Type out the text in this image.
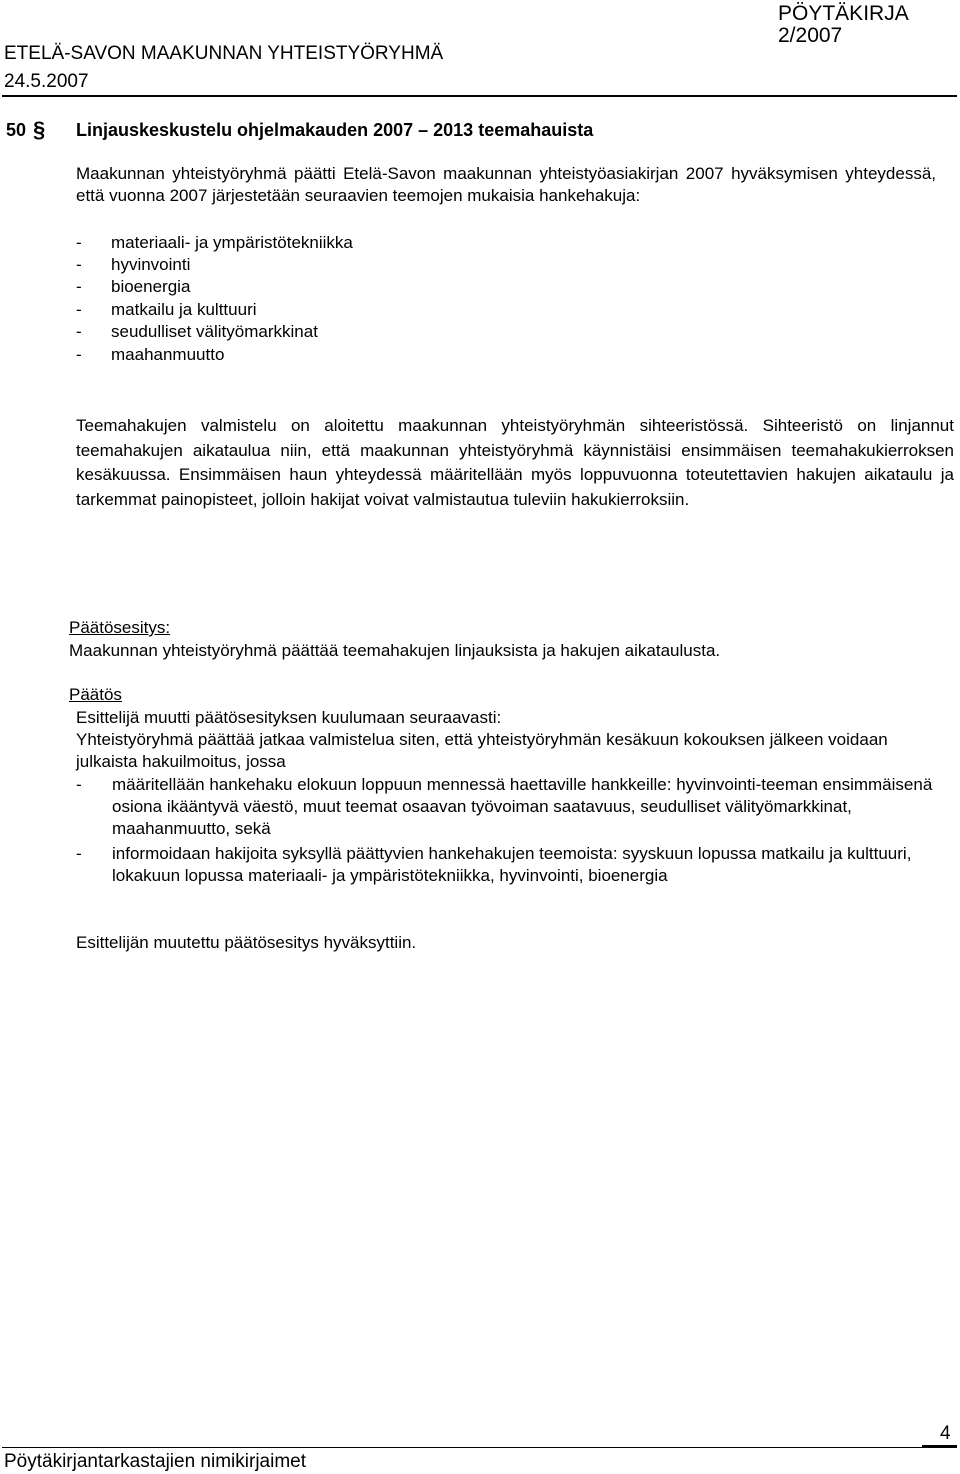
PÖYTÄKIRJA
2/2007
ETELÄ-SAVON MAAKUNNAN YHTEISTYÖRYHMÄ
24.5.2007
50 § Linjauskeskustelu ohjelmakauden 2007 – 2013 teemahauista
Maakunnan yhteistyöryhmä päätti Etelä-Savon maakunnan yhteistyöasiakirjan 2007 hyväksymisen yhteydessä, että vuonna 2007 järjestetään seuraavien teemojen mukaisia hankehakuja:
- materiaali- ja ympäristötekniikka
- hyvinvointi
- bioenergia
- matkailu ja kulttuuri
- seudulliset välityömarkkinat
- maahanmuutto
Teemahakujen valmistelu on aloitettu maakunnan yhteistyöryhmän sihteeristössä. Sihteeristö on linjannut teemahakujen aikataulua niin, että maakunnan yhteistyöryhmä käynnistäisi ensimmäisen teemahakukierroksen kesäkuussa. Ensimmäisen haun yhteydessä määritellään myös loppuvuonna toteutettavien hakujen aikataulu ja tarkemmat painopisteet, jolloin hakijat voivat valmistautua tuleviin hakukierroksiin.
Päätösesitys:
Maakunnan yhteistyöryhmä päättää teemahakujen linjauksista ja hakujen aikataulusta.
Päätös
Esittelijä muutti päätösesityksen kuulumaan seuraavasti:
Yhteistyöryhmä päättää jatkaa valmistelua siten, että yhteistyöryhmän kesäkuun kokouksen jälkeen voidaan julkaista hakuilmoitus, jossa
- määritellään hankehaku elokuun loppuun mennessä haettaville hankkeille: hyvinvointi-teeman ensimmäisenä osiona ikääntyvä väestö, muut teemat osaavan työvoiman saatavuus, seudulliset välityömarkkinat, maahanmuutto, sekä
- informoidaan hakijoita syksyllä päättyvien hankehakujen teemoista: syyskuun lopussa matkailu ja kulttuuri, lokakuun lopussa materiaali- ja ympäristötekniikka, hyvinvointi, bioenergia
Esittelijän muutettu päätösesitys hyväksyttiin.
4
Pöytäkirjantarkastajien nimikirjaimet
